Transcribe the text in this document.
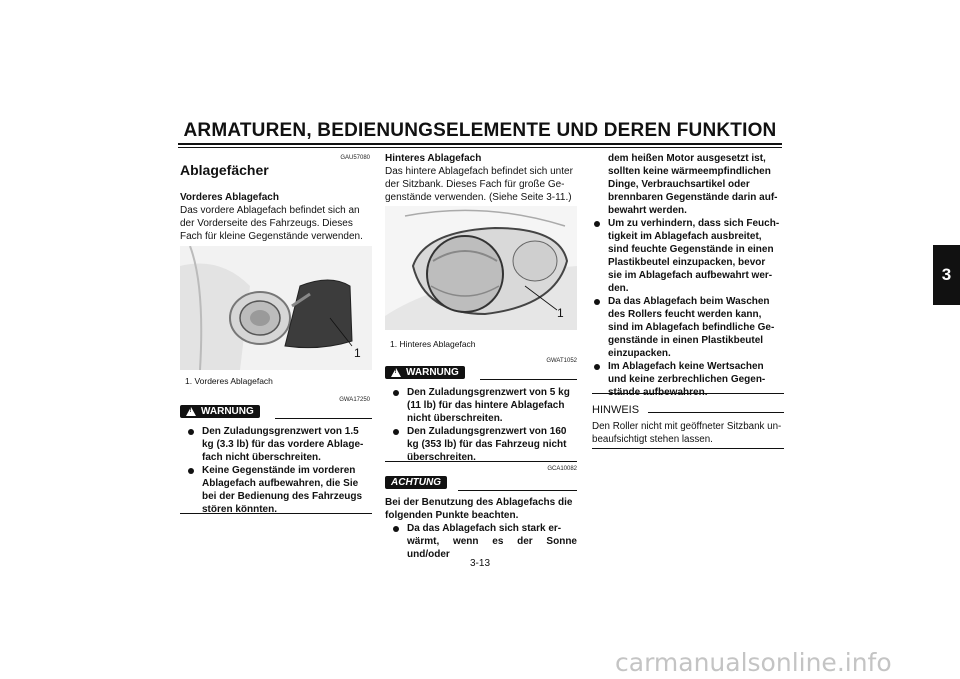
ARMATUREN, BEDIENUNGSELEMENTE UND DEREN FUNKTION
3
GAU57080
Ablagefächer
Vorderes Ablagefach
Das vordere Ablagefach befindet sich an
der Vorderseite des Fahrzeugs. Dieses
Fach für kleine Gegenstände verwenden.
1
1. Vorderes Ablagefach
GWA17250
!
WARNUNG
Den Zuladungsgrenzwert von 1.5
kg (3.3 lb) für das vordere Ablage-
fach nicht überschreiten.
Keine Gegenstände im vorderen
Ablagefach aufbewahren, die Sie
bei der Bedienung des Fahrzeugs
stören könnten.
Hinteres Ablagefach
Das hintere Ablagefach befindet sich unter
der Sitzbank. Dieses Fach für große Ge-
genstände verwenden. (Siehe Seite 3-11.)
1
1. Hinteres Ablagefach
GWAT1052
!
WARNUNG
Den Zuladungsgrenzwert von 5 kg
(11 lb) für das hintere Ablagefach
nicht überschreiten.
Den Zuladungsgrenzwert von 160
kg (353 lb) für das Fahrzeug nicht
überschreiten.
GCA10082
ACHTUNG
Bei der Benutzung des Ablagefachs die
folgenden Punkte beachten.
Da das Ablagefach sich stark er-
wärmt, wenn es der Sonne und/oder
dem heißen Motor ausgesetzt ist,
sollten keine wärmeempfindlichen
Dinge, Verbrauchsartikel oder
brennbaren Gegenstände darin auf-
bewahrt werden.
Um zu verhindern, dass sich Feuch-
tigkeit im Ablagefach ausbreitet,
sind feuchte Gegenstände in einen
Plastikbeutel einzupacken, bevor
sie im Ablagefach aufbewahrt wer-
den.
Da das Ablagefach beim Waschen
des Rollers feucht werden kann,
sind im Ablagefach befindliche Ge-
genstände in einen Plastikbeutel
einzupacken.
Im Ablagefach keine Wertsachen
und keine zerbrechlichen Gegen-
stände aufbewahren.
HINWEIS
Den Roller nicht mit geöffneter Sitzbank un-
beaufsichtigt stehen lassen.
3-13
carmanualsonline.info
